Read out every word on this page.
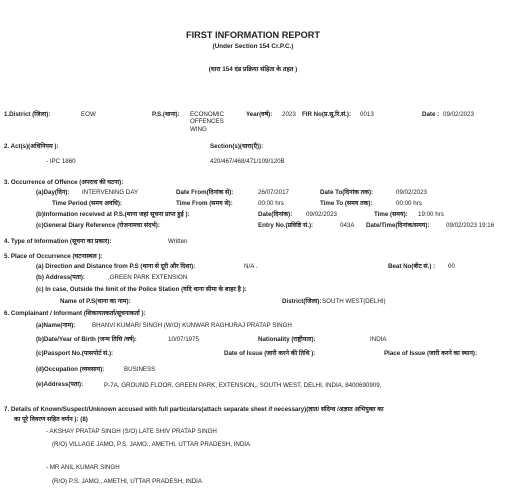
FIRST INFORMATION REPORT
(Under Section 154 Cr.P.C.)
(धारा 154 दंड प्रक्रिया संहिता के तहत )
1.District (जिला):	EOW	P.S.(थाना): ECONOMIC OFFENCES WING
Year(वर्ष): 2023 FIR No(प्र.सू.रि.सं.): 0013	Date : 09/02/2023
2. Act(s)(अधिनियम ):	Section(s)(धारा(एँ)):
- IPC 1860	420/467/468/471/109/120B
3. Occurrence of Offence (अपराध की घटना):
(a)Day(दिन): INTERVENING DAY	Date From(दिनांक से):	26/07/2017	Date To(दिनांक तक):	09/02/2023
Time Period (समय अवधि):	Time From (समय से):	00:00 hrs	Time To (समय तक):	00:00 hrs
(b)Information received at P.S.(थाना जहां सूचना प्राप्त हुई ):	Date(दिनांक): 09/02/2023	Time (समय): 19:00 hrs
(c)General Diary Reference (रोजनामचा संदर्भ):	Entry No.(प्रविष्टि सं.):	043A Date/Time(दिनांक/समय):	09/02/2023 19:16
4. Type of Information (सूचना का प्रकार):	Written
5. Place of Occurrence (घटनास्थल ):
(a) Direction and Distance from P.S (थाना से दूरी और दिशा):	N/A .	Beat No(बीट सं.) : 00
(b) Address(पता):	,GREEN PARK EXTENSION
(c) In case, Outside the limit of the Police Station (यदि थाना सीमा के बाहर है ):
Name of P.S(थाना का नाम):	District(जिला): SOUTH WEST(DELHI)
6. Complainant / Informant (शिकायतकर्ता/सूचनाकर्ता ):
(a)Name(नाम):	BHANVI KUMARI SINGH (W/O) KUNWAR RAGHURAJ PRATAP SINGH
(b)Date/Year of Birth (जन्म तिथि /वर्ष):	10/07/1975	Nationality (राष्ट्रीयता):	INDIA
(c)Passport No.(पासपोर्ट सं.):	Date of Issue (जारी करने की तिथि ):	Place of Issue (जारी करने का स्थान):
(d)Occupation (व्यवसाय):	BUSINESS
(e)Address(पता):	P-7A, GROUND FLOOR, GREEN PARK, EXTENSION,, SOUTH WEST, DELHI, INDIA, 8400690909,
7. Details of Known/Suspect/Unknown accused with full particulars(attach separate sheet if necessary)(ज्ञात/ संदिग्ध /अज्ञात अभियुक्त का
का पूरे विवरण सहित वर्णन ): (8)
- AKSHAY PRATAP SINGH (S/O) LATE SHIV PRATAP SINGH
(R/O) VILLAGE JAMO, P.S. JAMO., AMETHI, UTTAR PRADESH, INDIA
- MR ANIL KUMAR SINGH
(R/O) P.S. JAMO., AMETHI, UTTAR PRADESH, INDIA
